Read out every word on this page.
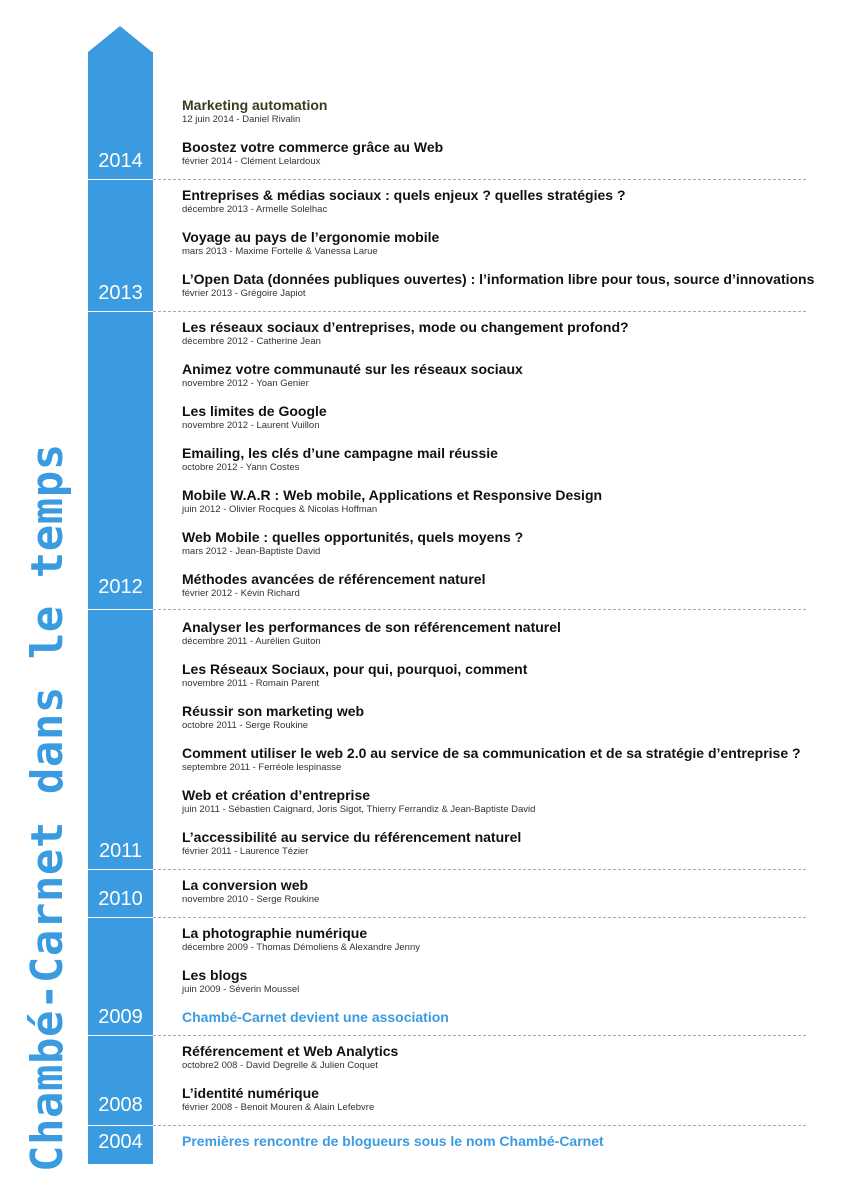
Chambé-Carnet dans le temps
2014
2013
2012
2011
2010
2009
2008
2004
Marketing automation
12 juin 2014 - Daniel Rivalin
Boostez votre commerce grâce au Web
février 2014 - Clément Lelardoux
Entreprises & médias sociaux : quels enjeux ? quelles stratégies ?
décembre 2013 - Armelle Solelhac
Voyage au pays de l’ergonomie mobile
mars 2013 - Maxime Fortelle & Vanessa Larue
L’Open Data (données publiques ouvertes) : l’information libre pour tous, source d’innovations
février 2013 - Grégoire Japiot
Les réseaux sociaux d’entreprises, mode ou changement profond?
décembre 2012 - Catherine Jean
Animez votre communauté sur les réseaux sociaux
novembre 2012 - Yoan Genier
Les limites de Google
novembre 2012 - Laurent Vuillon
Emailing, les clés d’une campagne mail réussie
octobre 2012 - Yann Costes
Mobile W.A.R : Web mobile, Applications et Responsive Design
juin 2012 - Olivier Rocques & Nicolas Hoffman
Web Mobile : quelles opportunités, quels moyens ?
mars 2012 - Jean-Baptiste David
Méthodes avancées de référencement naturel
février 2012 - Kévin Richard
Analyser les performances de son référencement naturel
décembre 2011 - Aurélien Guiton
Les Réseaux Sociaux, pour qui, pourquoi, comment
novembre 2011 - Romain Parent
Réussir son marketing web
octobre 2011 - Serge Roukine
Comment utiliser le web 2.0 au service de sa communication et de sa stratégie d’entreprise ?
septembre 2011 - Ferréole lespinasse
Web et création d’entreprise
juin 2011 - Sébastien Caignard, Joris Sigot, Thierry Ferrandiz & Jean-Baptiste David
L’accessibilité au service du référencement naturel
février 2011 - Laurence Tézier
La conversion web
novembre 2010 - Serge Roukine
La photographie numérique
décembre 2009 - Thomas Démoliens & Alexandre Jenny
Les blogs
juin 2009 - Séverin Moussel
Chambé-Carnet devient une association
Référencement et Web Analytics
octobre2 008 - David Degrelle & Julien Coquet
L’identité numérique
février 2008 - Benoit Mouren & Alain Lefebvre
Premières rencontre de blogueurs sous le nom Chambé-Carnet
